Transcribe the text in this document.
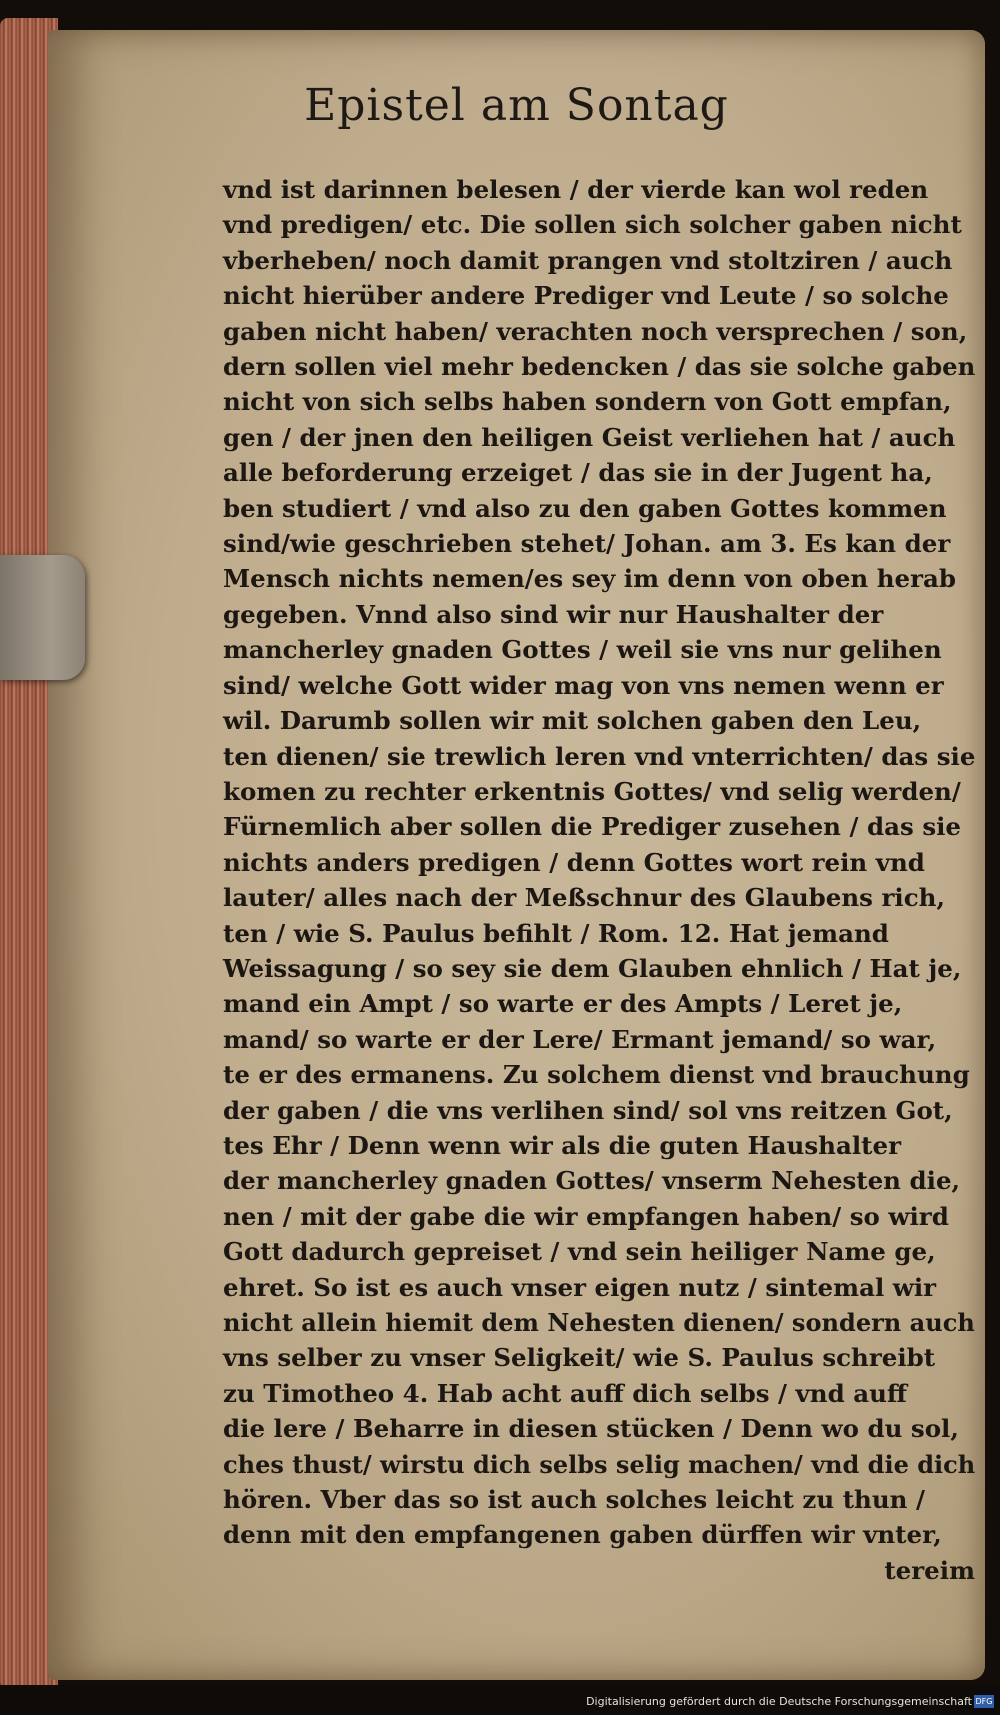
Epistel am Sontag
vnd ist darinnen belesen / der vierde kan wol reden
vnd predigen/ etc. Die sollen sich solcher gaben nicht
vberheben/ noch damit prangen vnd stoltziren / auch
nicht hierüber andere Prediger vnd Leute / so solche
gaben nicht haben/ verachten noch versprechen / son,
dern sollen viel mehr bedencken / das sie solche gaben
nicht von sich selbs haben sondern von Gott empfan,
gen / der jnen den heiligen Geist verliehen hat / auch
alle beforderung erzeiget / das sie in der Jugent ha,
ben studiert / vnd also zu den gaben Gottes kommen
sind/wie geschrieben stehet/ Johan. am 3. Es kan der
Mensch nichts nemen/es sey im denn von oben herab
gegeben. Vnnd also sind wir nur Haushalter der
mancherley gnaden Gottes / weil sie vns nur gelihen
sind/ welche Gott wider mag von vns nemen wenn er
wil. Darumb sollen wir mit solchen gaben den Leu,
ten dienen/ sie trewlich leren vnd vnterrichten/ das sie
komen zu rechter erkentnis Gottes/ vnd selig werden/
Fürnemlich aber sollen die Prediger zusehen / das sie
nichts anders predigen / denn Gottes wort rein vnd
lauter/ alles nach der Meßschnur des Glaubens rich,
ten / wie S. Paulus befihlt / Rom. 12. Hat jemand
Weissagung / so sey sie dem Glauben ehnlich / Hat je,
mand ein Ampt / so warte er des Ampts / Leret je,
mand/ so warte er der Lere/ Ermant jemand/ so war,
te er des ermanens. Zu solchem dienst vnd brauchung
der gaben / die vns verlihen sind/ sol vns reitzen Got,
tes Ehr / Denn wenn wir als die guten Haushalter
der mancherley gnaden Gottes/ vnserm Nehesten die,
nen / mit der gabe die wir empfangen haben/ so wird
Gott dadurch gepreiset / vnd sein heiliger Name ge,
ehret. So ist es auch vnser eigen nutz / sintemal wir
nicht allein hiemit dem Nehesten dienen/ sondern auch
vns selber zu vnser Seligkeit/ wie S. Paulus schreibt
zu Timotheo 4. Hab acht auff dich selbs / vnd auff
die lere / Beharre in diesen stücken / Denn wo du sol,
ches thust/ wirstu dich selbs selig machen/ vnd die dich
hören. Vber das so ist auch solches leicht zu thun /
denn mit den empfangenen gaben dürffen wir vnter,
tereim
Digitalisierung gefördert durch die Deutsche Forschungsgemeinschaft DFG
